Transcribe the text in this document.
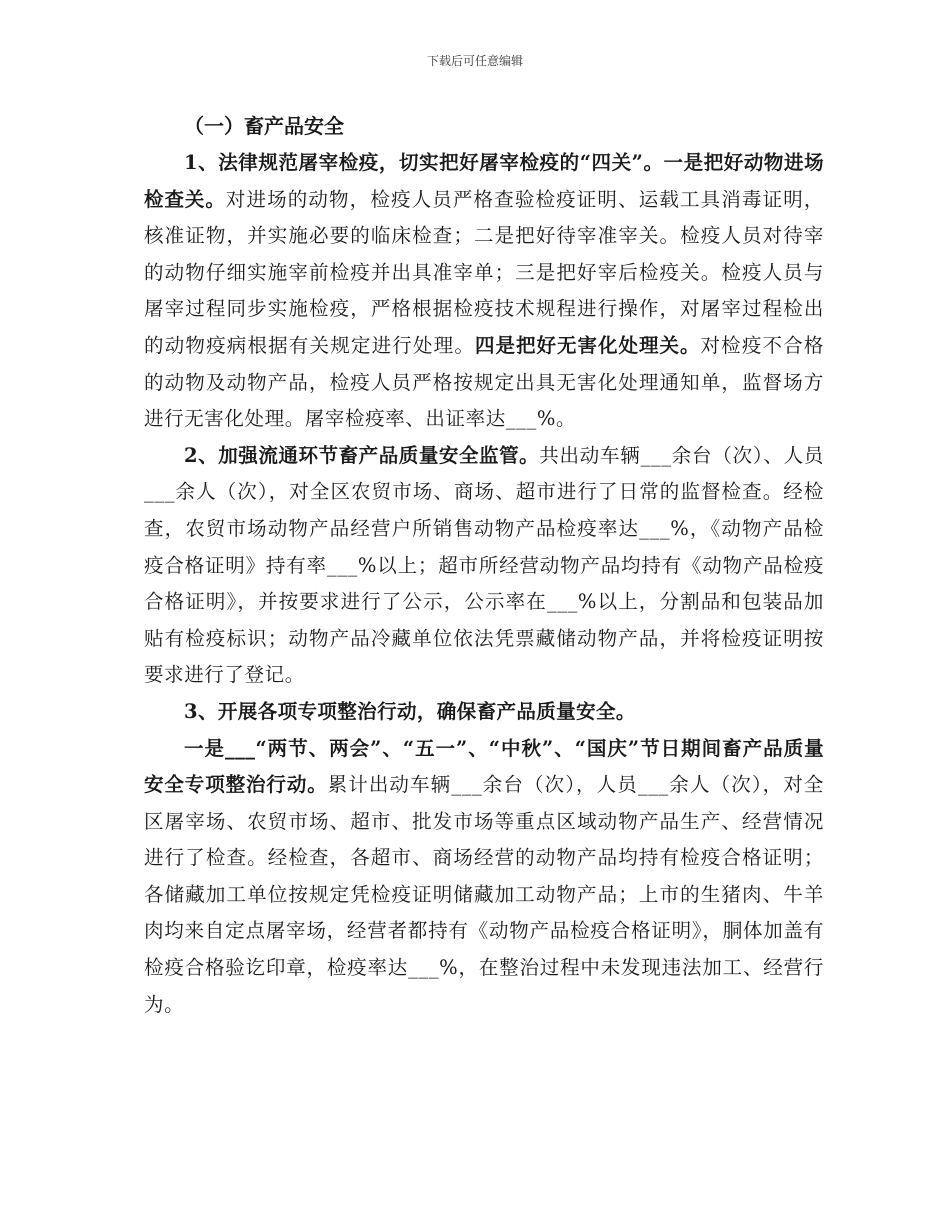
下载后可任意编辑

（一）畜产品安全

1、法律规范屠宰检疫，切实把好屠宰检疫的“四关”。一是把好动物进场检查关。对进场的动物，检疫人员严格查验检疫证明、运载工具消毒证明，核准证物，并实施必要的临床检查；二是把好待宰准宰关。检疫人员对待宰的动物仔细实施宰前检疫并出具准宰单；三是把好宰后检疫关。检疫人员与屠宰过程同步实施检疫，严格根据检疫技术规程进行操作，对屠宰过程检出的动物疫病根据有关规定进行处理。四是把好无害化处理关。对检疫不合格的动物及动物产品，检疫人员严格按规定出具无害化处理通知单，监督场方进行无害化处理。屠宰检疫率、出证率达___%。

2、加强流通环节畜产品质量安全监管。共出动车辆___余台（次）、人员___余人（次），对全区农贸市场、商场、超市进行了日常的监督检查。经检查，农贸市场动物产品经营户所销售动物产品检疫率达___%，《动物产品检疫合格证明》持有率___%以上；超市所经营动物产品均持有《动物产品检疫合格证明》，并按要求进行了公示，公示率在___%以上，分割品和包装品加贴有检疫标识；动物产品冷藏单位依法凭票藏储动物产品，并将检疫证明按要求进行了登记。

3、开展各项专项整治行动，确保畜产品质量安全。

一是___“两节、两会”、“五一”、“中秋”、“国庆”节日期间畜产品质量安全专项整治行动。累计出动车辆___余台（次），人员___余人（次），对全区屠宰场、农贸市场、超市、批发市场等重点区域动物产品生产、经营情况进行了检查。经检查，各超市、商场经营的动物产品均持有检疫合格证明；各储藏加工单位按规定凭检疫证明储藏加工动物产品；上市的生猪肉、牛羊肉均来自定点屠宰场，经营者都持有《动物产品检疫合格证明》，胴体加盖有检疫合格验讫印章，检疫率达___%，在整治过程中未发现违法加工、经营行为。
